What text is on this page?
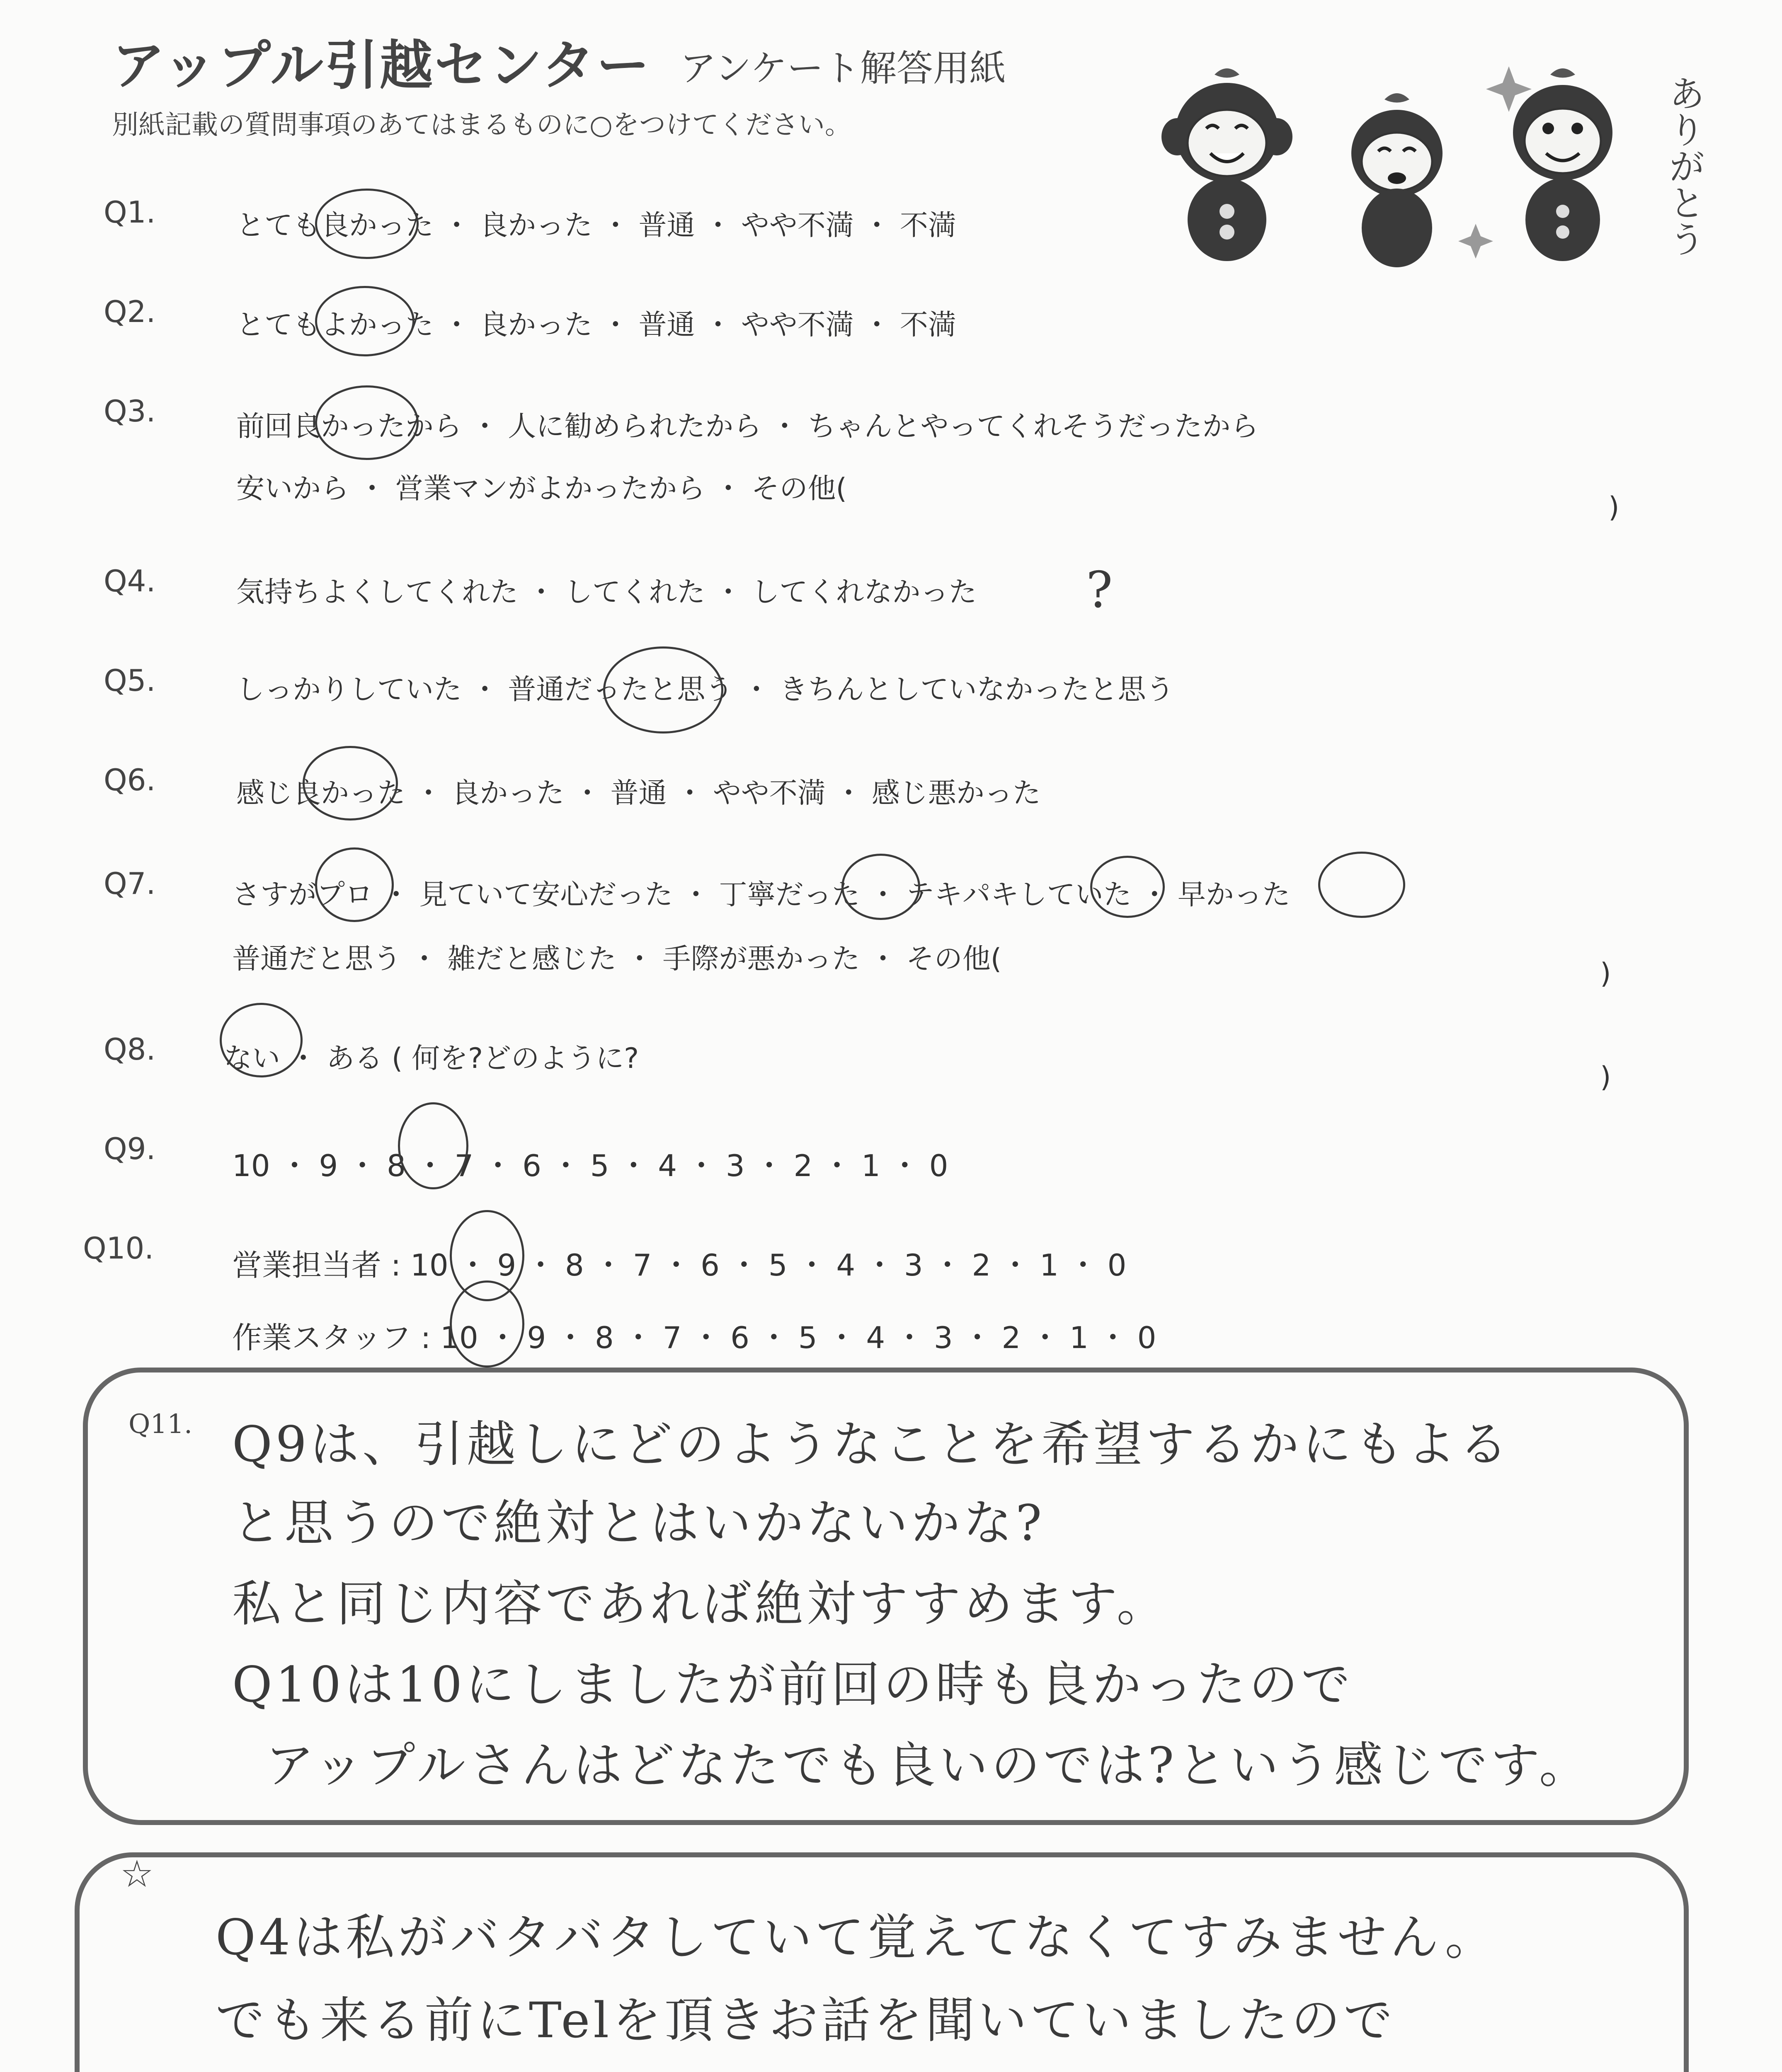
アップル引越センター アンケート解答用紙
別紙記載の質問事項のあてはまるものに○をつけてください。	ありがとう
Q1.	とても良かった ・ 良かった ・ 普通 ・ やや不満 ・ 不満
Q2.	とてもよかった ・ 良かった ・ 普通 ・ やや不満 ・ 不満
Q3.	前回良かったから ・ 人に勧められたから ・ ちゃんとやってくれそうだったから
安いから ・ 営業マンがよかったから ・ その他(
)
Q4.	気持ちよくしてくれた ・ してくれた ・ してくれなかった ?
Q5.	しっかりしていた ・ 普通だったと思う ・ きちんとしていなかったと思う
Q6.	感じ良かった ・ 良かった ・ 普通 ・ やや不満 ・ 感じ悪かった
Q7.	さすがプロ ・ 見ていて安心だった ・ 丁寧だった ・ テキパキしていた ・ 早かった
普通だと思う ・ 雑だと感じた ・ 手際が悪かった ・ その他(	)
Q8. ない ・ ある ( 何を?どのように?
)
Q9.	10 ・ 9 ・ 8 ・ 7 ・ 6 ・ 5 ・ 4 ・ 3 ・ 2 ・ 1 ・ 0
Q10.	営業担当者 : 10 ・ 9 ・ 8 ・ 7 ・ 6 ・ 5 ・ 4 ・ 3 ・ 2 ・ 1 ・ 0
作業スタッフ : 10 ・ 9 ・ 8 ・ 7 ・ 6 ・ 5 ・ 4 ・ 3 ・ 2 ・ 1 ・ 0
Q11. Q9は、引越しにどのようなことを希望するかにもよる
と思うので絶対とはいかないかな?
私と同じ内容であれば絶対すすめます。
Q10は10にしましたが前回の時も良かったので
アップルさんはどなたでも良いのでは?という感じです。
☆
Q4は私がバタバタしていて覚えてなくてすみません。
でも来る前にTelを頂きお話を聞いていましたので
